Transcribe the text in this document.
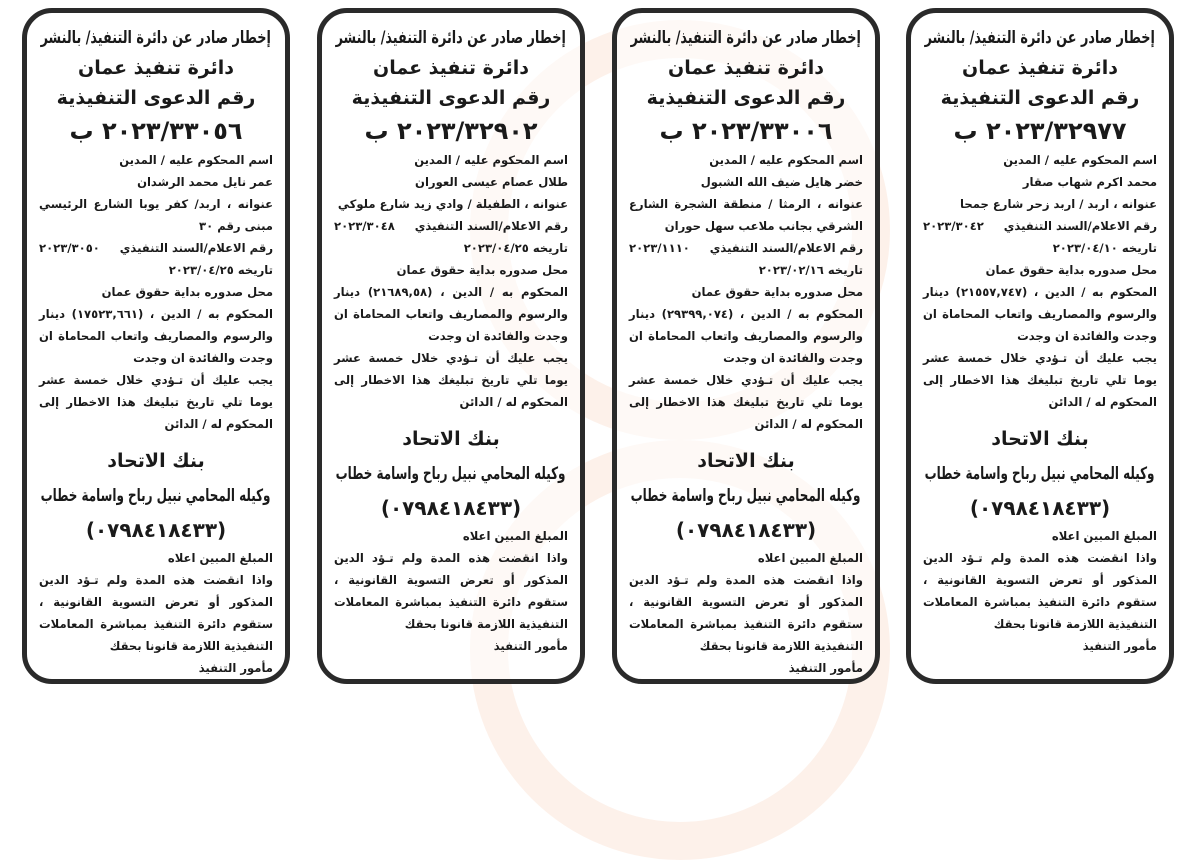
إخطار صادر عن دائرة التنفيذ/ بالنشر
دائرة تنفيذ عمان
رقم الدعوى التنفيذية
٢٠٢٣/٣٢٩٧٧ ب
اسم المحكوم عليه / المدين
محمد اكرم شهاب صقار
عنوانه ، اربد / اربد زحر شارع جمحا
رقم الاعلام/السند التنفيذي
٢٠٢٣/٣٠٤٢
تاريخه ٢٠٢٣/٠٤/١٠
محل صدوره بداية حقوق عمان
المحكوم به / الدين ، (٢١٥٥٧,٧٤٧) دينار والرسوم والمصاريف واتعاب المحاماة ان وجدت والفائدة ان وجدت
يجب عليك أن تـؤدي خلال خمسة عشر يوما تلي تاريخ تبليغك هذا الاخطار إلى المحكوم له / الدائن
بنك الاتحاد
وكيله المحامي نبيل رباح واسامة خطاب
(٠٧٩٨٤١٨٤٣٣)
المبلغ المبين اعلاه
واذا انقضت هذه المدة ولم تـؤد الدين المذكور أو تعرض التسوية القانونية ، ستقوم دائرة التنفيذ بمباشرة المعاملات التنفيذية اللازمة قانونا بحقك
مأمور التنفيذ
إخطار صادر عن دائرة التنفيذ/ بالنشر
دائرة تنفيذ عمان
رقم الدعوى التنفيذية
٢٠٢٣/٣٣٠٠٦ ب
اسم المحكوم عليه / المدين
خضر هايل ضيف الله الشبول
عنوانه ، الرمثا / منطقة الشجرة الشارع الشرقي بجانب ملاعب سهل حوران
رقم الاعلام/السند التنفيذي
٢٠٢٣/١١١٠
تاريخه ٢٠٢٣/٠٢/١٦
محل صدوره بداية حقوق عمان
المحكوم به / الدين ، (٢٩٣٩٩,٠٧٤) دينار والرسوم والمصاريف واتعاب المحاماة ان وجدت والفائدة ان وجدت
يجب عليك أن تـؤدي خلال خمسة عشر يوما تلي تاريخ تبليغك هذا الاخطار إلى المحكوم له / الدائن
بنك الاتحاد
وكيله المحامي نبيل رباح واسامة خطاب
(٠٧٩٨٤١٨٤٣٣)
المبلغ المبين اعلاه
واذا انقضت هذه المدة ولم تـؤد الدين المذكور أو تعرض التسوية القانونية ، ستقوم دائرة التنفيذ بمباشرة المعاملات التنفيذية اللازمة قانونا بحقك
مأمور التنفيذ
إخطار صادر عن دائرة التنفيذ/ بالنشر
دائرة تنفيذ عمان
رقم الدعوى التنفيذية
٢٠٢٣/٣٢٩٠٢ ب
اسم المحكوم عليه / المدين
طلال عصام عيسى العوران
عنوانه ، الطفيلة / وادي زيد شارع ملوكي
رقم الاعلام/السند التنفيذي
٢٠٢٣/٣٠٤٨
تاريخه ٢٠٢٣/٠٤/٢٥
محل صدوره بداية حقوق عمان
المحكوم به / الدين ، (٢١٦٨٩,٥٨) دينار والرسوم والمصاريف واتعاب المحاماة ان وجدت والفائدة ان وجدت
يجب عليك أن تـؤدي خلال خمسة عشر يوما تلي تاريخ تبليغك هذا الاخطار إلى المحكوم له / الدائن
بنك الاتحاد
وكيله المحامي نبيل رباح واسامة خطاب
(٠٧٩٨٤١٨٤٣٣)
المبلغ المبين اعلاه
واذا انقضت هذه المدة ولم تـؤد الدين المذكور أو تعرض التسوية القانونية ، ستقوم دائرة التنفيذ بمباشرة المعاملات التنفيذية اللازمة قانونا بحقك
مأمور التنفيذ
إخطار صادر عن دائرة التنفيذ/ بالنشر
دائرة تنفيذ عمان
رقم الدعوى التنفيذية
٢٠٢٣/٣٣٠٥٦ ب
اسم المحكوم عليه / المدين
عمر نايل محمد الرشدان
عنوانه ، اربد/ كفر يوبا الشارع الرئيسي مبنى رقم ٣٠
رقم الاعلام/السند التنفيذي
٢٠٢٣/٣٠٥٠
تاريخه ٢٠٢٣/٠٤/٢٥
محل صدوره بداية حقوق عمان
المحكوم به / الدين ، (١٧٥٢٣,٦٦١) دينار والرسوم والمصاريف واتعاب المحاماة ان وجدت والفائدة ان وجدت
يجب عليك أن تـؤدي خلال خمسة عشر يوما تلي تاريخ تبليغك هذا الاخطار إلى المحكوم له / الدائن
بنك الاتحاد
وكيله المحامي نبيل رباح واسامة خطاب
(٠٧٩٨٤١٨٤٣٣)
المبلغ المبين اعلاه
واذا انقضت هذه المدة ولم تـؤد الدين المذكور أو تعرض التسوية القانونية ، ستقوم دائرة التنفيذ بمباشرة المعاملات التنفيذية اللازمة قانونا بحقك
مأمور التنفيذ
